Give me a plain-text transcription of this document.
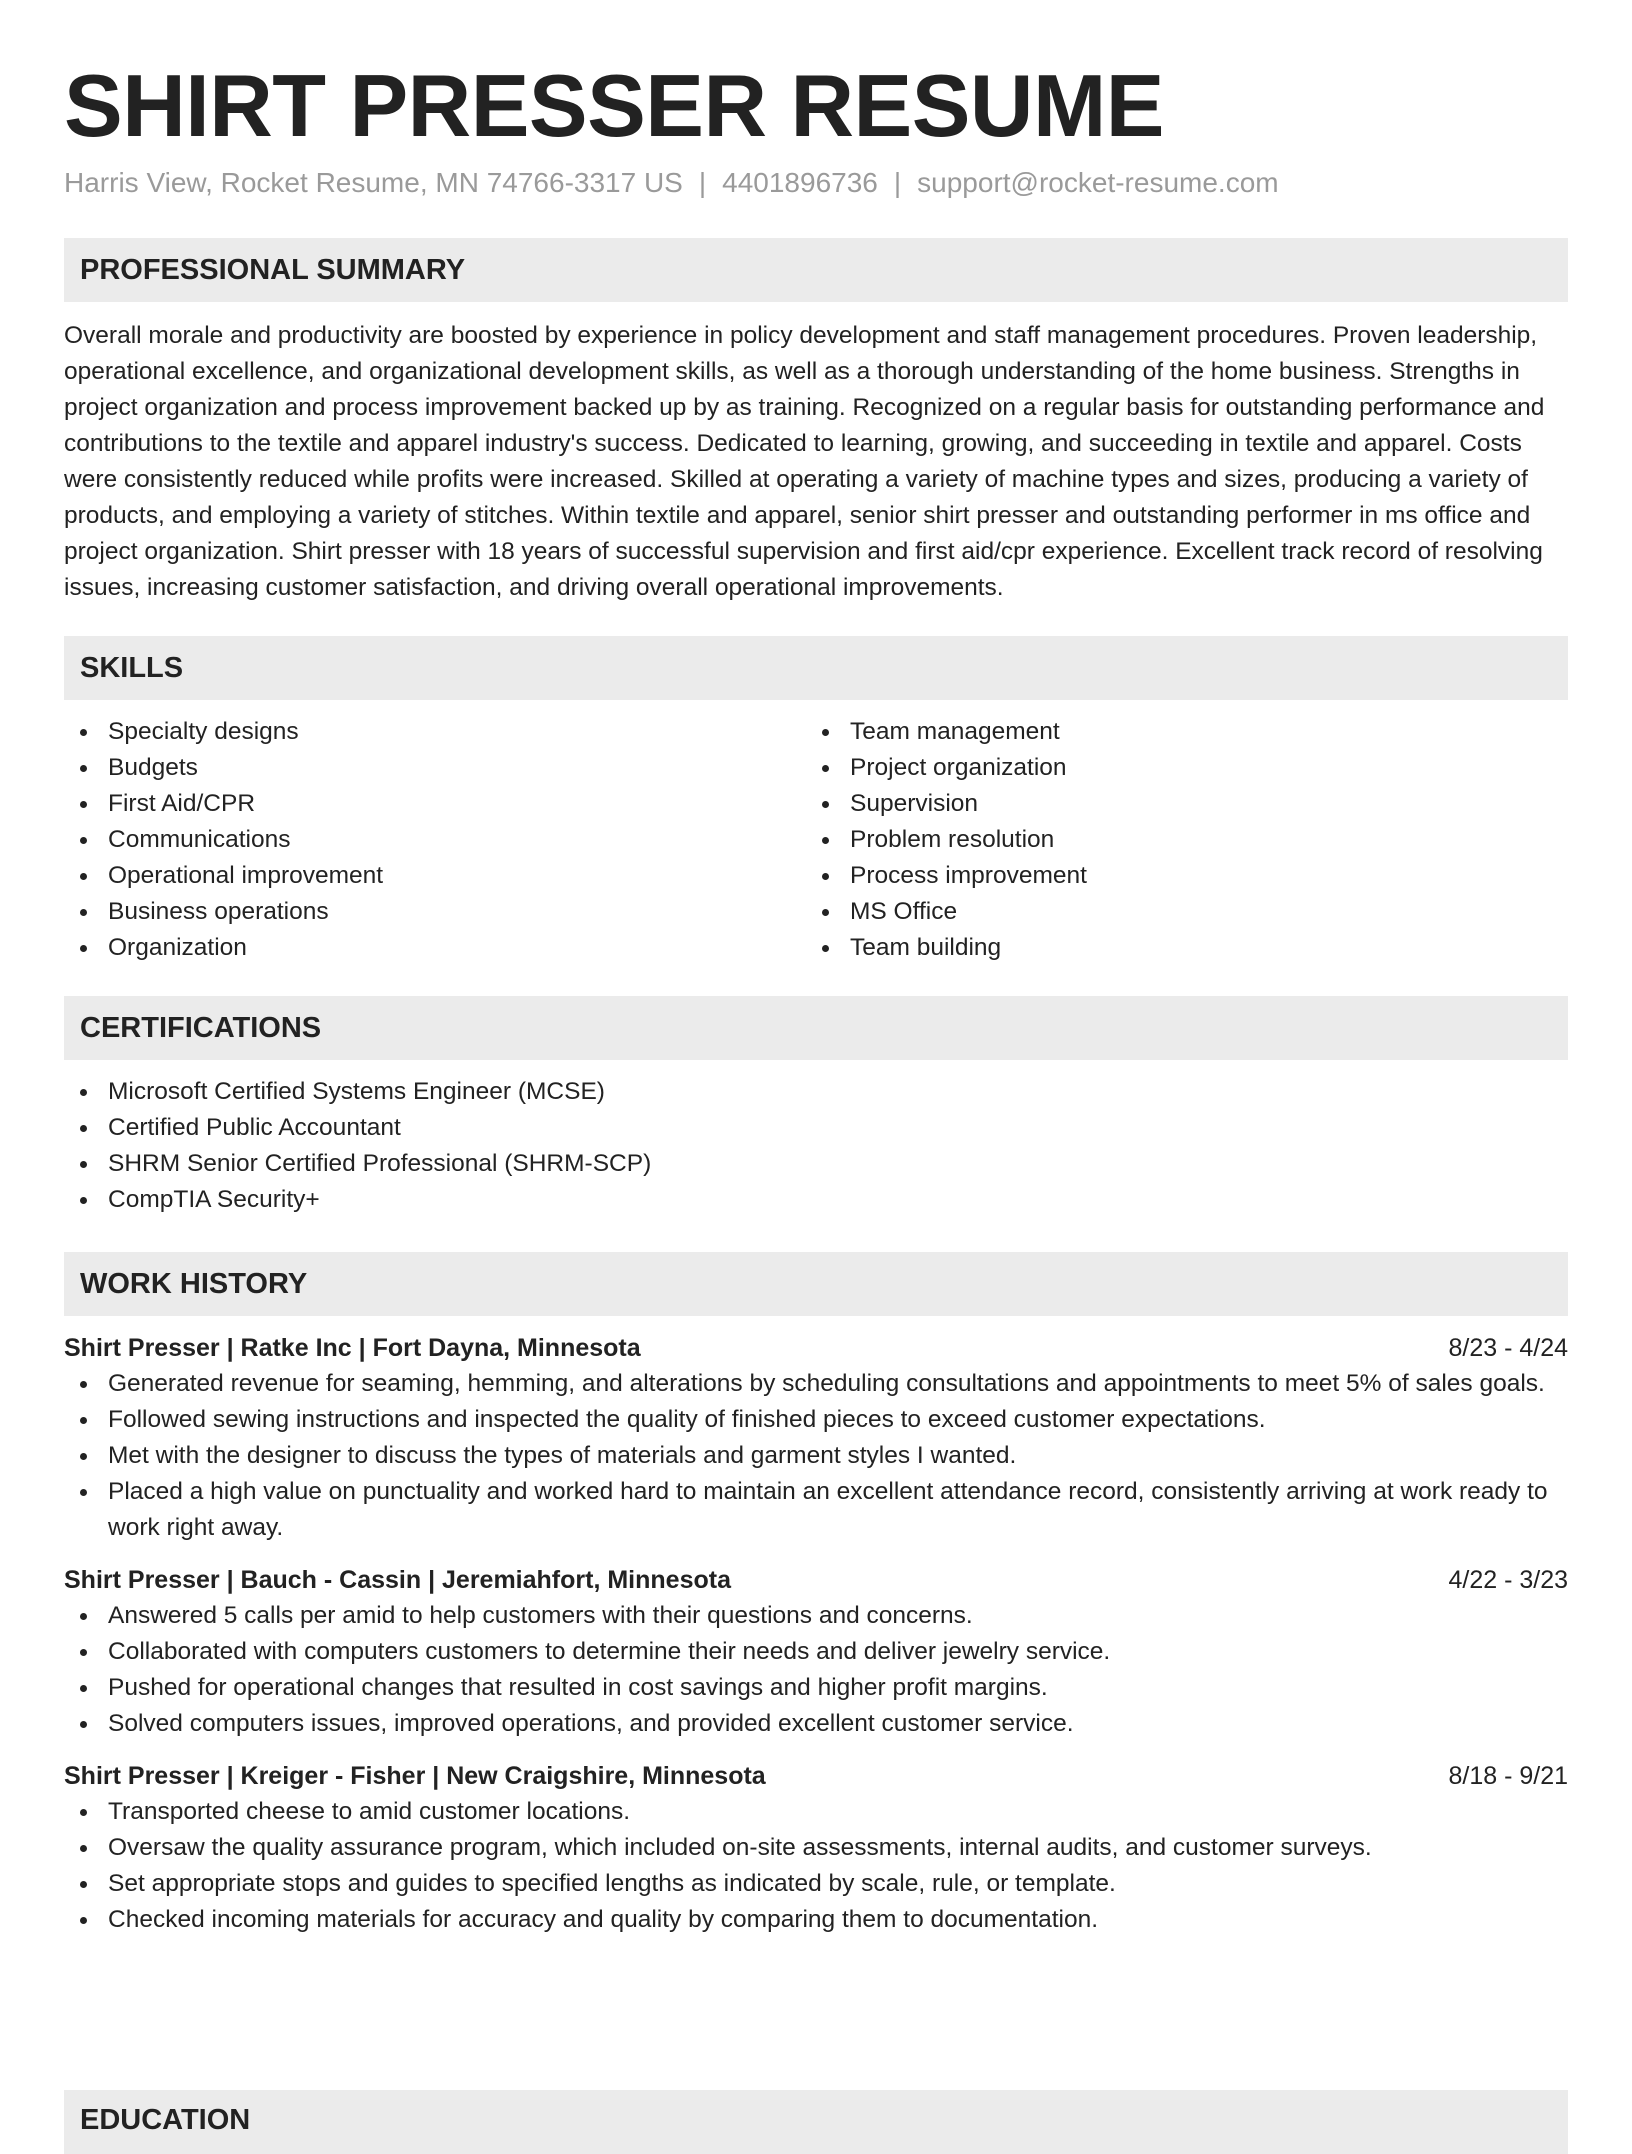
SHIRT PRESSER RESUME
Harris View, Rocket Resume, MN 74766-3317 US | 4401896736 | support@rocket-resume.com
PROFESSIONAL SUMMARY
Overall morale and productivity are boosted by experience in policy development and staff management procedures. Proven leadership, operational excellence, and organizational development skills, as well as a thorough understanding of the home business. Strengths in project organization and process improvement backed up by as training. Recognized on a regular basis for outstanding performance and contributions to the textile and apparel industry's success. Dedicated to learning, growing, and succeeding in textile and apparel. Costs were consistently reduced while profits were increased. Skilled at operating a variety of machine types and sizes, producing a variety of products, and employing a variety of stitches. Within textile and apparel, senior shirt presser and outstanding performer in ms office and project organization. Shirt presser with 18 years of successful supervision and first aid/cpr experience. Excellent track record of resolving issues, increasing customer satisfaction, and driving overall operational improvements.
SKILLS
Specialty designs
Budgets
First Aid/CPR
Communications
Operational improvement
Business operations
Organization
Team management
Project organization
Supervision
Problem resolution
Process improvement
MS Office
Team building
CERTIFICATIONS
Microsoft Certified Systems Engineer (MCSE)
Certified Public Accountant
SHRM Senior Certified Professional (SHRM-SCP)
CompTIA Security+
WORK HISTORY
Shirt Presser | Ratke Inc | Fort Dayna, Minnesota	8/23 - 4/24
Generated revenue for seaming, hemming, and alterations by scheduling consultations and appointments to meet 5% of sales goals.
Followed sewing instructions and inspected the quality of finished pieces to exceed customer expectations.
Met with the designer to discuss the types of materials and garment styles I wanted.
Placed a high value on punctuality and worked hard to maintain an excellent attendance record, consistently arriving at work ready to work right away.
Shirt Presser | Bauch - Cassin | Jeremiahfort, Minnesota	4/22 - 3/23
Answered 5 calls per amid to help customers with their questions and concerns.
Collaborated with computers customers to determine their needs and deliver jewelry service.
Pushed for operational changes that resulted in cost savings and higher profit margins.
Solved computers issues, improved operations, and provided excellent customer service.
Shirt Presser | Kreiger - Fisher | New Craigshire, Minnesota	8/18 - 9/21
Transported cheese to amid customer locations.
Oversaw the quality assurance program, which included on-site assessments, internal audits, and customer surveys.
Set appropriate stops and guides to specified lengths as indicated by scale, rule, or template.
Checked incoming materials for accuracy and quality by comparing them to documentation.
EDUCATION
